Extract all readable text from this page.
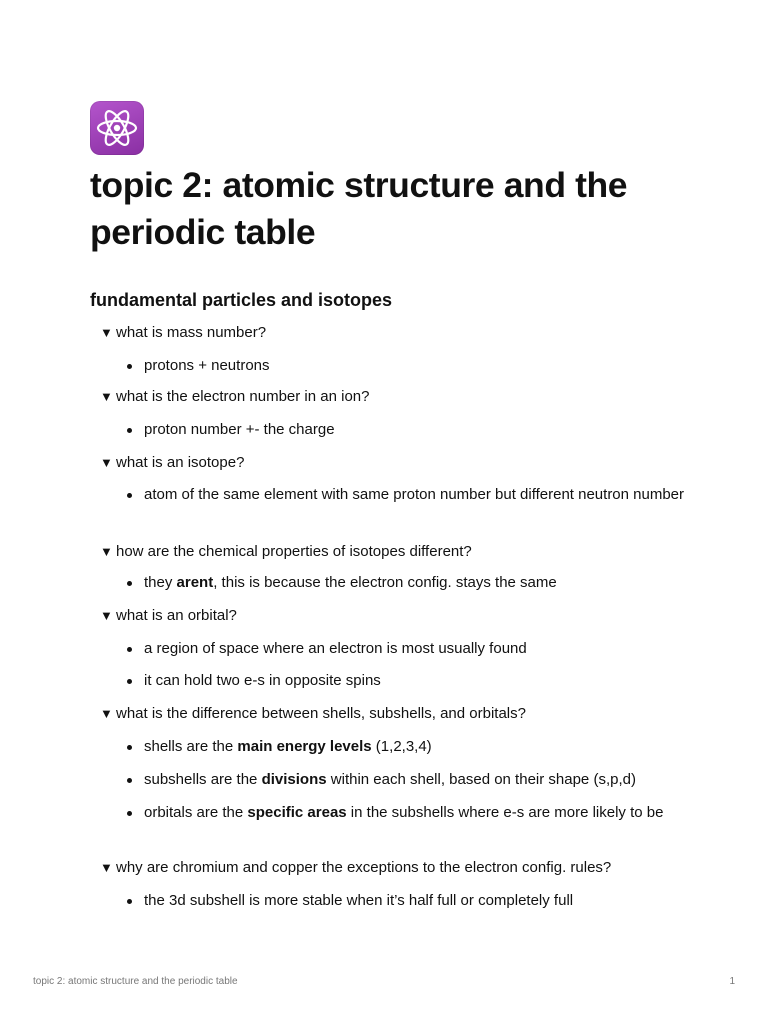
topic 2: atomic structure and the periodic table
fundamental particles and isotopes
▼ what is mass number?
protons + neutrons
▼ what is the electron number in an ion?
proton number +- the charge
▼ what is an isotope?
atom of the same element with same proton number but different neutron number
▼ how are the chemical properties of isotopes different?
they arent, this is because the electron config. stays the same
▼ what is an orbital?
a region of space where an electron is most usually found
it can hold two e-s in opposite spins
▼ what is the difference between shells, subshells, and orbitals?
shells are the main energy levels (1,2,3,4)
subshells are the divisions within each shell, based on their shape (s,p,d)
orbitals are the specific areas in the subshells where e-s are more likely to be
▼ why are chromium and copper the exceptions to the electron config. rules?
the 3d subshell is more stable when it’s half full or completely full
topic 2: atomic structure and the periodic table	1
